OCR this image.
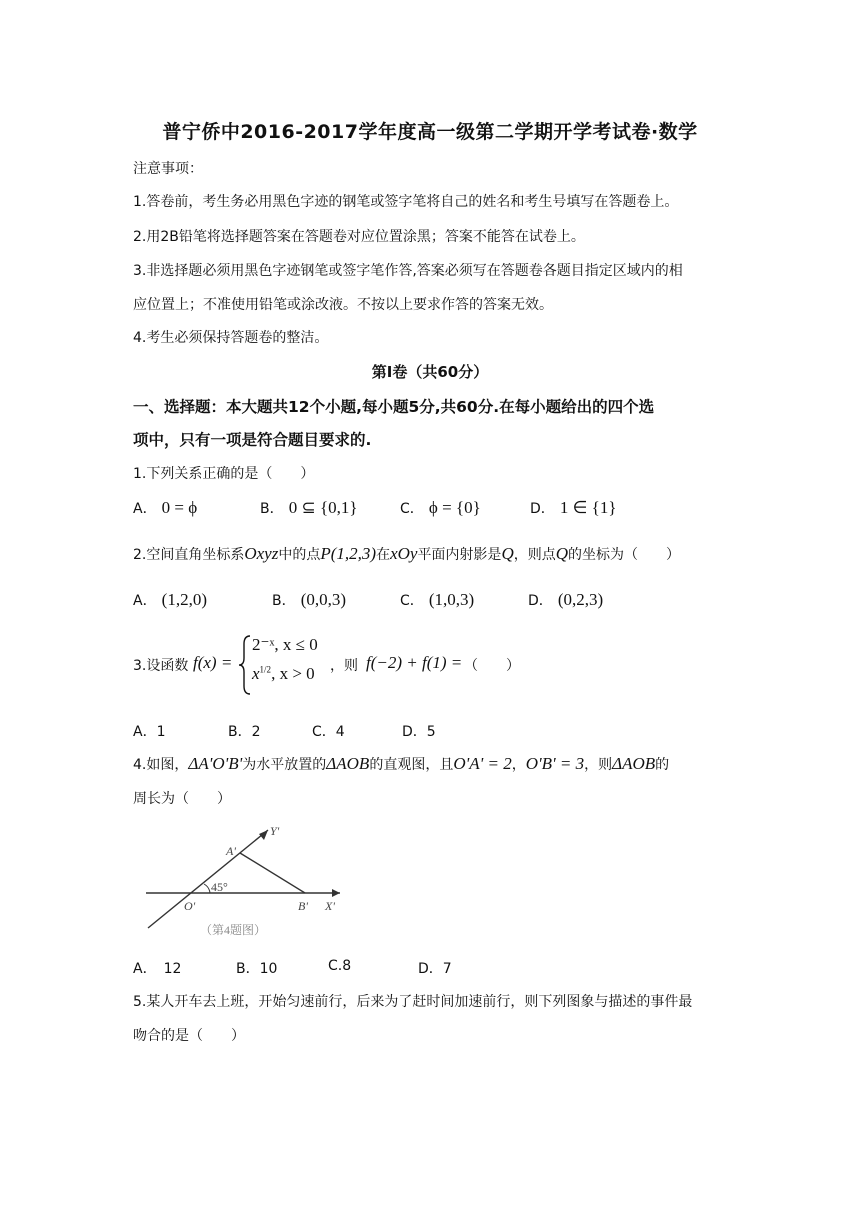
普宁侨中2016-2017学年度高一级第二学期开学考试卷·数学
注意事项：
1.答卷前，考生务必用黑色字迹的钢笔或签字笔将自己的姓名和考生号填写在答题卷上。
2.用2B铅笔将选择题答案在答题卷对应位置涂黑；答案不能答在试卷上。
3.非选择题必须用黑色字迹钢笔或签字笔作答,答案必须写在答题卷各题目指定区域内的相
应位置上；不准使用铅笔或涂改液。不按以上要求作答的答案无效。
4.考生必须保持答题卷的整洁。
第Ⅰ卷（共60分）
一、选择题：本大题共12个小题,每小题5分,共60分.在每小题给出的四个选
项中，只有一项是符合题目要求的.
1.下列关系正确的是（　　）
A． 0 = ϕ	B． 0 ⊆ {0,1}	C． ϕ = {0}	D． 1 ∈ {1}
2.空间直角坐标系Oxyz中的点P(1,2,3)在xOy平面内射影是Q，则点Q的坐标为（　　）
A． (1,2,0)	B． (0,0,3)	C． (1,0,3)	D． (0,2,3)
3.设函数 f(x) =
2⁻ˣ, x ≤ 0
$x^{1/2}$, x > 0 ，则 f(−2) + f(1) = （　　）
A．1	B．2	C．4	D．5
4.如图，ΔA'O'B'为水平放置的ΔAOB的直观图，且O'A' = 2，O'B' = 3，则ΔAOB的
周长为（　　）
Y'
A'
45°
O'	B' X'
（第4题图）
A．　12	B．10	C.8	D．7
5.某人开车去上班，开始匀速前行，后来为了赶时间加速前行，则下列图象与描述的事件最
吻合的是（　　）
